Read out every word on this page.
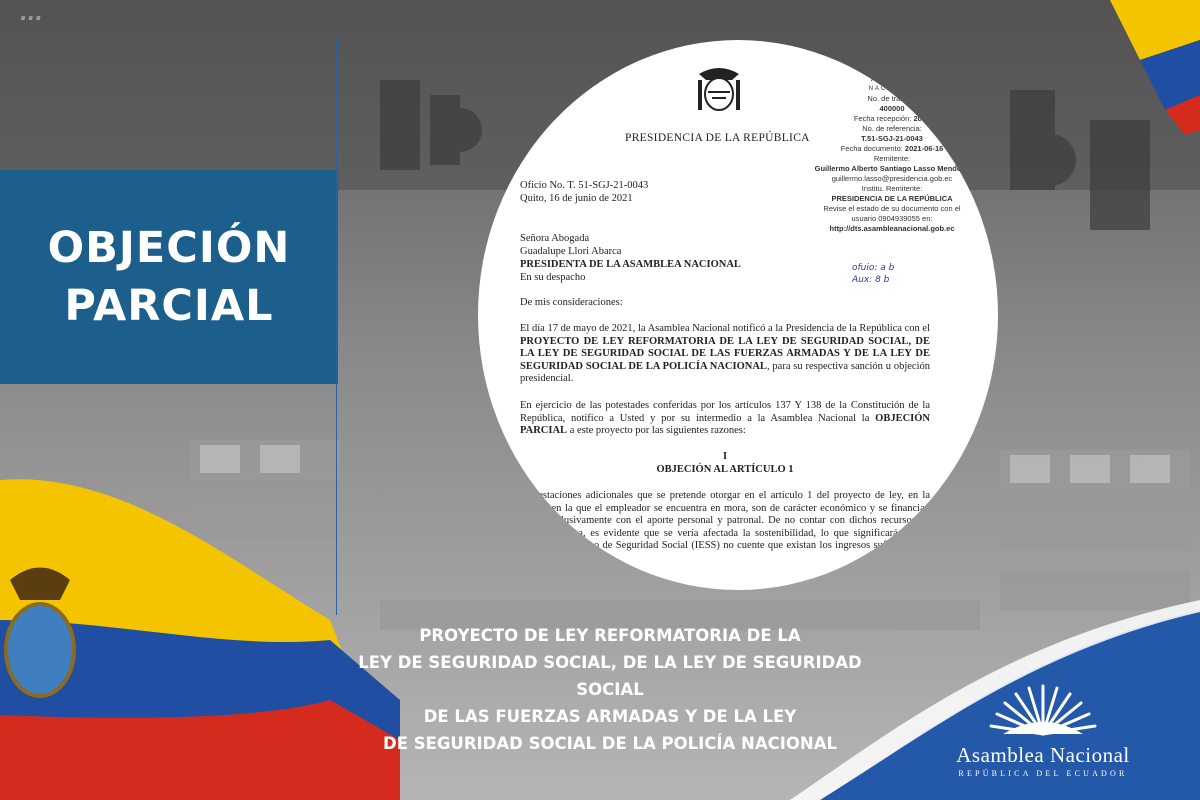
...
OBJECIÓN
PARCIAL
PRESIDENCIA DE LA REPÚBLICA
ASAMBLEA
NACIONAL
No. de trámite:
400000
Fecha recepción: 2021
No. de referencia:
T.51-SGJ-21-0043
Fecha documento: 2021-06-16
Remitente:
Guillermo Alberto Santiago Lasso Mendoza
guillermo.lasso@presidencia.gob.ec
Institu. Remitente:
PRESIDENCIA DE LA REPÚBLICA
Revise el estado de su documento con el usuario 0904939055 en:
http://dts.asambleanacional.gob.ec
ofuio: a b
Aux: 8 b
Oficio No. T. 51-SGJ-21-0043
Quito, 16 de junio de 2021
Señora Abogada
Guadalupe Llori Abarca
PRESIDENTA DE LA ASAMBLEA NACIONAL
En su despacho
De mis consideraciones:
El día 17 de mayo de 2021, la Asamblea Nacional notificó a la Presidencia de la República con el PROYECTO DE LEY REFORMATORIA DE LA LEY DE SEGURIDAD SOCIAL, DE LA LEY DE SEGURIDAD SOCIAL DE LAS FUERZAS ARMADAS Y DE LA LEY DE SEGURIDAD SOCIAL DE LA POLICÍA NACIONAL, para su respectiva sanción u objeción presidencial.
En ejercicio de las potestades conferidas por los artículos 137 Y 138 de la Constitución de la República, notifico a Usted y por su intermedio a la Asamblea Nacional la OBJECIÓN PARCIAL a este proyecto por las siguientes razones:
I
OBJECIÓN AL ARTÍCULO 1
Las prestaciones adicionales que se pretende otorgar en el artículo 1 del proyecto de ley, en la situación en la que el empleador se encuentra en mora, son de carácter económico y se financian única y exclusivamente con el aporte personal y patronal. De no contar con dichos recursos de manera oportuna, es evidente que se vería afectada la sostenibilidad, lo que significará que el Instituto Ecuatoriano de Seguridad Social (IESS) no cuente que existan los ingresos suficientes ni la oportunidad
PROYECTO DE LEY REFORMATORIA DE LA
LEY DE SEGURIDAD SOCIAL, DE LA LEY DE SEGURIDAD SOCIAL
DE LAS FUERZAS ARMADAS Y DE LA LEY
DE SEGURIDAD SOCIAL DE LA POLICÍA NACIONAL	Asamblea Nacional
REPÚBLICA DEL ECUADOR
